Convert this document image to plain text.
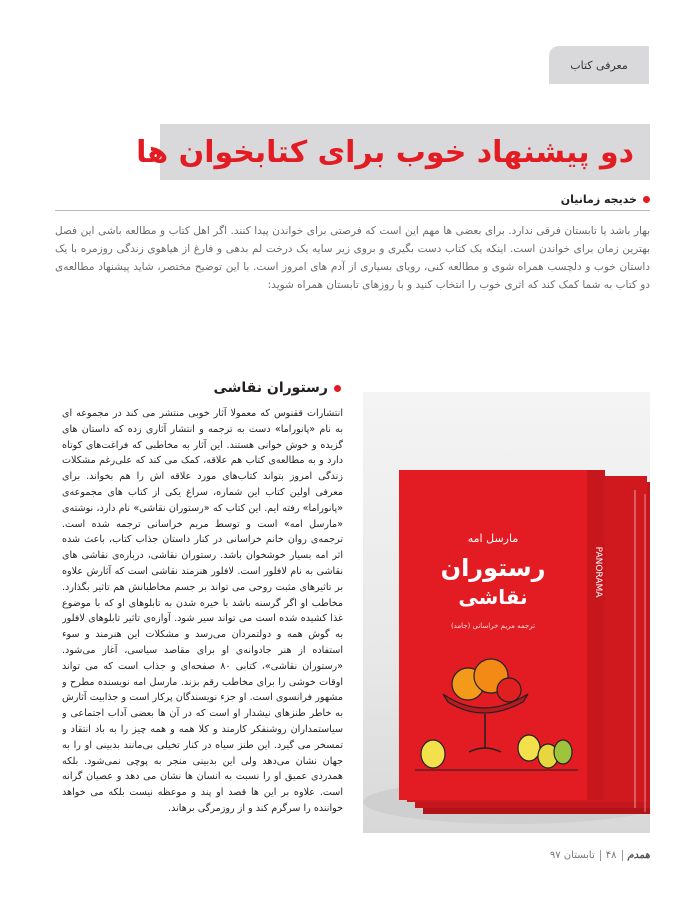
معرفی کتاب
دو پیشنهاد خوب برای کتابخوان ها
خدیجه زمانیان

بهار باشد یا تابستان فرقی ندارد. برای بعضی ها مهم این است که فرصتی برای خواندن پیدا کنند. اگر اهل کتاب و مطالعه باشی این فصل بهترین زمان برای خواندن است. اینکه یک کتاب دست بگیری و بروی زیر سایه یک درخت لم بدهی و فارغ از هیاهوی زندگی روزمره با یک داستان خوب و دلچسب همراه شوی و مطالعه کنی، رویای بسیاری از آدم های امروز است. با این توضیح مختصر، شاید پیشنهاد مطالعه‌ی دو کتاب به شما کمک کند که اثری خوب را انتخاب کنید و با روزهای تابستان همراه شوید:

رستوران نقاشی

انتشارات ققنوس که معمولا آثار خوبی منتشر می کند در مجموعه ای به نام «پانوراما» دست به ترجمه و انتشار آثاری زده که داستان های گزیده و خوش خوانی هستند. این آثار به مخاطبی که فراغت‌های کوتاه دارد و به مطالعه‌ی کتاب هم علاقه، کمک می کند که علی‌رغم مشکلات زندگی امروز بتواند کتاب‌های مورد علاقه اش را هم بخواند. برای معرفی اولین کتاب این شماره، سراغ یکی از کتاب های مجموعه‌ی «پانوراما» رفته ایم. این کتاب که «رستوران نقاشی» نام دارد، نوشته‌ی «مارسل امه» است و توسط مریم خراسانی ترجمه شده است. ترجمه‌ی روان خانم خراسانی در کنار داستان جذاب کتاب، باعث شده اثر امه بسیار خوشخوان باشد. رستوران نقاشی، درباره‌ی نقاشی های نقاشی به نام لافلور است. لافلور هنرمند نقاشی است که آثارش علاوه بر تاثیرهای مثبت روحی می تواند بر جسم مخاطبانش هم تاثیر بگذارد. مخاطب او اگر گرسنه باشد با خیره شدن به تابلوهای او که با موضوع غذا کشیده شده است می تواند سیر شود. آوازه‌ی تاثیر تابلوهای لافلور به گوش همه و دولتمردان می‌رسد و مشکلات این هنرمند و سوء استفاده از هنر جادوانه‌ی او برای مقاصد سیاسی، آغاز می‌شود. «رستوران نقاشی»، کتابی ۸۰ صفحه‌ای و جذاب است که می تواند اوقات خوشی را برای مخاطب رقم بزند. مارسل امه نویسنده مطرح و مشهور فرانسوی است. او جزء نویسندگان پرکار است و جذابیت آثارش به خاطر طنزهای نیشدار او است که در آن ها بعضی آداب اجتماعی و سیاستمداران روشنفکر کارمند و کلا همه و همه چیز را به باد انتقاد و تمسخر می گیرد. این طنز سیاه در کنار تخیلی بی‌مانند بدبینی او را به جهان نشان می‌دهد ولی این بدبینی منجر به پوچی نمی‌شود. بلکه همدردی عمیق او را نسبت به انسان ها نشان می دهد و عصیان گرانه است. علاوه بر این ها قصد او پند و موعظه نیست بلکه می خواهد خواننده را سرگرم کند و از روزمرگی برهاند.

PANORAMA
مارسل امه
رستوران
نقاشی
ترجمه مریم خراسانی (جامد)
همدم
۴۸
تابستان ۹۷
